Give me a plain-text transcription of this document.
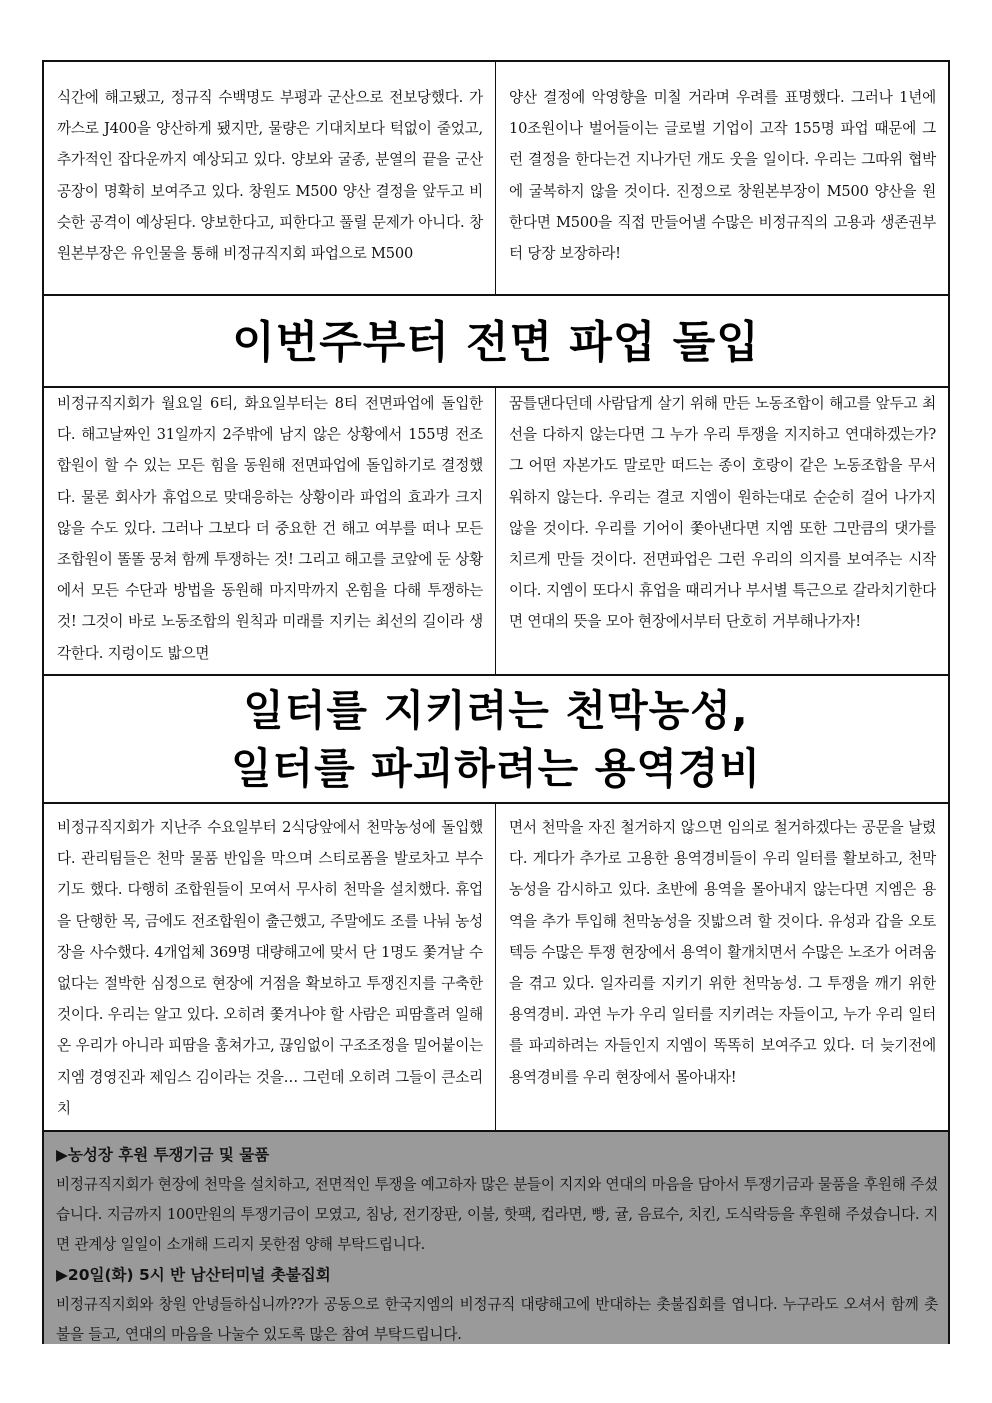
식간에 해고됐고, 정규직 수백명도 부평과 군산으로 전보당했다. 가까스로 J400을 양산하게 됐지만, 물량은 기대치보다 턱없이 줄었고, 추가적인 잡다운까지 예상되고 있다. 양보와 굴종, 분열의 끝을 군산공장이 명확히 보여주고 있다. 창원도 M500 양산 결정을 앞두고 비슷한 공격이 예상된다. 양보한다고, 피한다고 풀릴 문제가 아니다. 창원본부장은 유인물을 통해 비정규직지회 파업으로 M500

양산 결정에 악영향을 미칠 거라며 우려를 표명했다. 그러나 1년에 10조원이나 벌어들이는 글로벌 기업이 고작 155명 파업 때문에 그런 결정을 한다는건 지나가던 개도 웃을 일이다. 우리는 그따위 협박에 굴복하지 않을 것이다. 진정으로 창원본부장이 M500 양산을 원한다면 M500을 직접 만들어낼 수많은 비정규직의 고용과 생존권부터 당장 보장하라!

이번주부터 전면 파업 돌입

비정규직지회가 월요일 6티, 화요일부터는 8티 전면파업에 돌입한다. 해고날짜인 31일까지 2주밖에 남지 않은 상황에서 155명 전조합원이 할 수 있는 모든 힘을 동원해 전면파업에 돌입하기로 결정했다. 물론 회사가 휴업으로 맞대응하는 상황이라 파업의 효과가 크지 않을 수도 있다. 그러나 그보다 더 중요한 건 해고 여부를 떠나 모든 조합원이 똘똘 뭉쳐 함께 투쟁하는 것! 그리고 해고를 코앞에 둔 상황에서 모든 수단과 방법을 동원해 마지막까지 온힘을 다해 투쟁하는 것! 그것이 바로 노동조합의 원칙과 미래를 지키는 최선의 길이라 생각한다. 지렁이도 밟으면

꿈틀댄다던데 사람답게 살기 위해 만든 노동조합이 해고를 앞두고 최선을 다하지 않는다면 그 누가 우리 투쟁을 지지하고 연대하겠는가? 그 어떤 자본가도 말로만 떠드는 종이 호랑이 같은 노동조합을 무서워하지 않는다. 우리는 결코 지엠이 원하는대로 순순히 걸어 나가지 않을 것이다. 우리를 기어이 쫓아낸다면 지엠 또한 그만큼의 댓가를 치르게 만들 것이다. 전면파업은 그런 우리의 의지를 보여주는 시작이다. 지엠이 또다시 휴업을 때리거나 부서별 특근으로 갈라치기한다면 연대의 뜻을 모아 현장에서부터 단호히 거부해나가자!

일터를 지키려는 천막농성,
일터를 파괴하려는 용역경비

비정규직지회가 지난주 수요일부터 2식당앞에서 천막농성에 돌입했다. 관리팀들은 천막 물품 반입을 막으며 스티로폼을 발로차고 부수기도 했다. 다행히 조합원들이 모여서 무사히 천막을 설치했다. 휴업을 단행한 목, 금에도 전조합원이 출근했고, 주말에도 조를 나눠 농성장을 사수했다. 4개업체 369명 대량해고에 맞서 단 1명도 쫓겨날 수 없다는 절박한 심정으로 현장에 거점을 확보하고 투쟁진지를 구축한 것이다. 우리는 알고 있다. 오히려 쫓겨나야 할 사람은 피땀흘려 일해 온 우리가 아니라 피땀을 훔쳐가고, 끊임없이 구조조정을 밀어붙이는 지엠 경영진과 제임스 김이라는 것을… 그런데 오히려 그들이 큰소리 치

면서 천막을 자진 철거하지 않으면 임의로 철거하겠다는 공문을 날렸다. 게다가 추가로 고용한 용역경비들이 우리 일터를 활보하고, 천막농성을 감시하고 있다. 초반에 용역을 몰아내지 않는다면 지엠은 용역을 추가 투입해 천막농성을 짓밟으려 할 것이다. 유성과 갑을 오토텍등 수많은 투쟁 현장에서 용역이 활개치면서 수많은 노조가 어려움을 겪고 있다. 일자리를 지키기 위한 천막농성. 그 투쟁을 깨기 위한 용역경비. 과연 누가 우리 일터를 지키려는 자들이고, 누가 우리 일터를 파괴하려는 자들인지 지엠이 똑똑히 보여주고 있다. 더 늦기전에 용역경비를 우리 현장에서 몰아내자!

▶농성장 후원 투쟁기금 및 물품

비정규직지회가 현장에 천막을 설치하고, 전면적인 투쟁을 예고하자 많은 분들이 지지와 연대의 마음을 담아서 투쟁기금과 물품을 후원해 주셨습니다. 지금까지 100만원의 투쟁기금이 모였고, 침낭, 전기장판, 이불, 핫팩, 컵라면, 빵, 귤, 음료수, 치킨, 도식락등을 후원해 주셨습니다. 지면 관계상 일일이 소개해 드리지 못한점 양해 부탁드립니다.

▶20일(화) 5시 반 남산터미널 촛불집회

비정규직지회와 창원 안녕들하십니까??가 공동으로 한국지엠의 비정규직 대량해고에 반대하는 촛불집회를 엽니다. 누구라도 오셔서 함께 촛불을 들고, 연대의 마음을 나눌수 있도록 많은 참여 부탁드립니다.
